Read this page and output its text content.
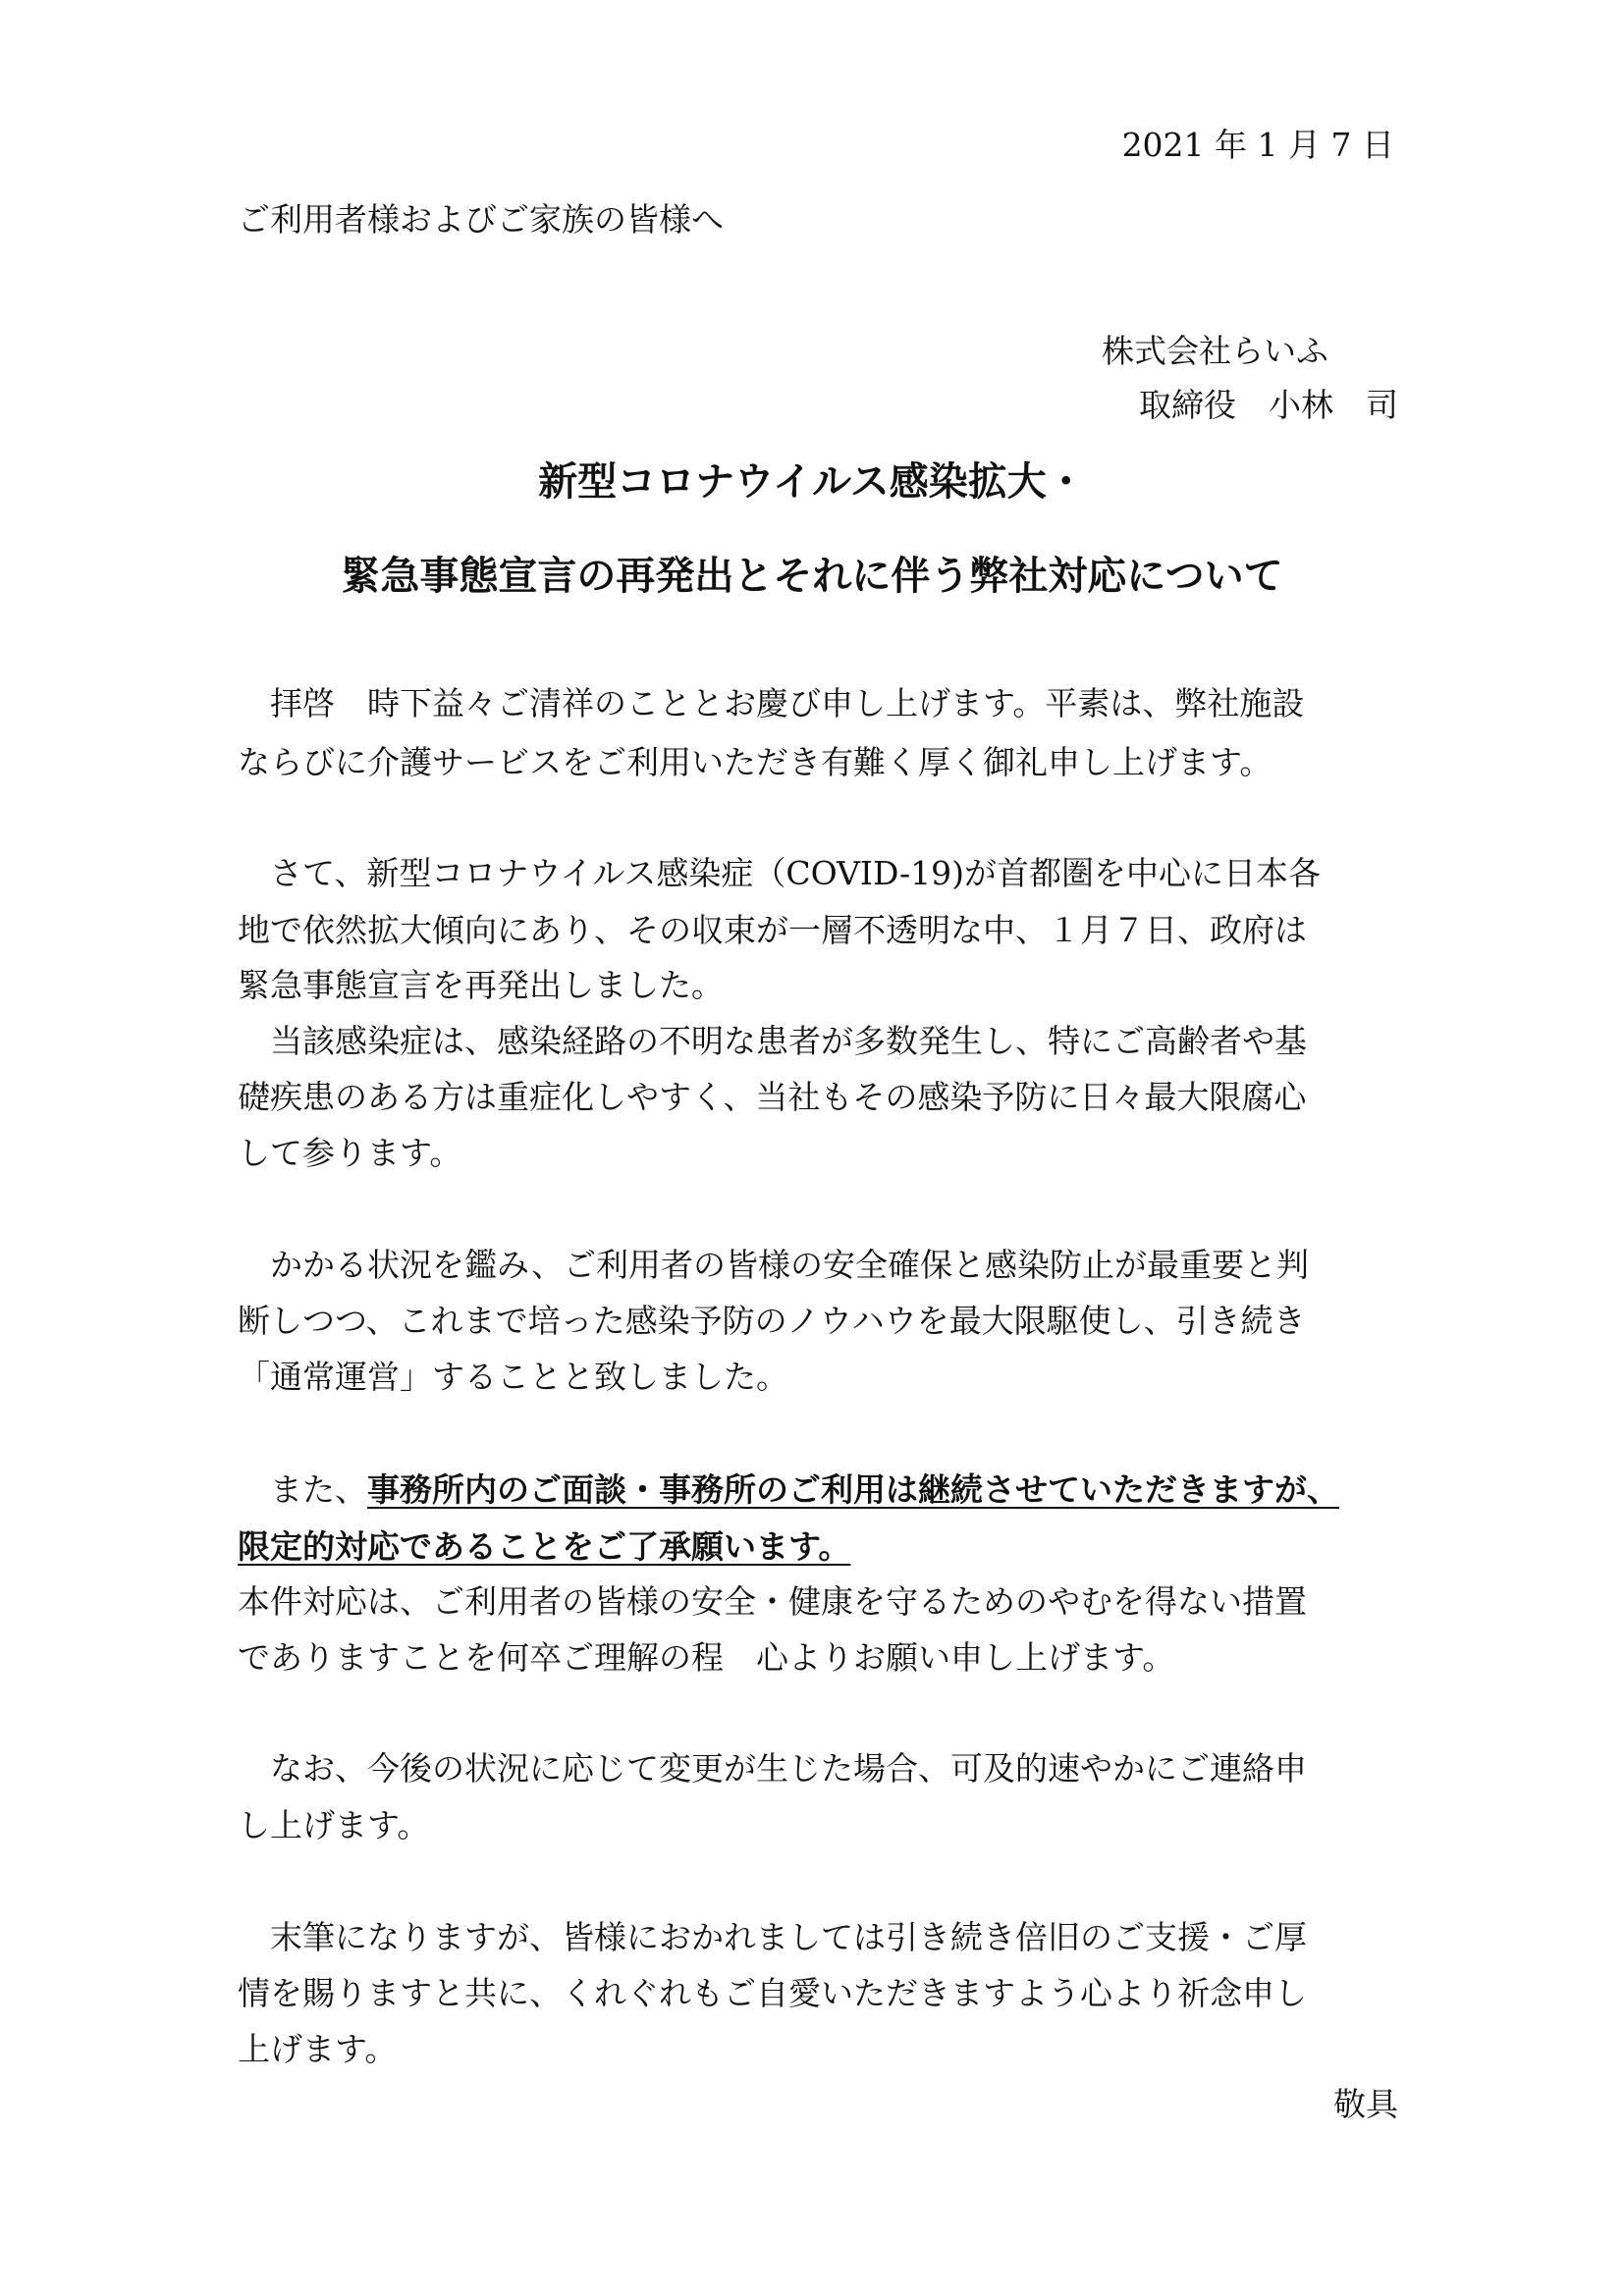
2021 年 1 月 7 日
ご利用者様およびご家族の皆様へ
株式会社らいふ
取締役　小林　司
新型コロナウイルス感染拡大・
緊急事態宣言の再発出とそれに伴う弊社対応について
拝啓　時下益々ご清祥のこととお慶び申し上げます。平素は、弊社施設
ならびに介護サービスをご利用いただき有難く厚く御礼申し上げます。
さて、新型コロナウイルス感染症（COVID-19)が首都圏を中心に日本各
地で依然拡大傾向にあり、その収束が一層不透明な中、１月７日、政府は
緊急事態宣言を再発出しました。
当該感染症は、感染経路の不明な患者が多数発生し、特にご高齢者や基
礎疾患のある方は重症化しやすく、当社もその感染予防に日々最大限腐心
して参ります。
かかる状況を鑑み、ご利用者の皆様の安全確保と感染防止が最重要と判
断しつつ、これまで培った感染予防のノウハウを最大限駆使し、引き続き
「通常運営」することと致しました。
また、事務所内のご面談・事務所のご利用は継続させていただきますが、
限定的対応であることをご了承願います。
本件対応は、ご利用者の皆様の安全・健康を守るためのやむを得ない措置
でありますことを何卒ご理解の程　心よりお願い申し上げます。
なお、今後の状況に応じて変更が生じた場合、可及的速やかにご連絡申
し上げます。
末筆になりますが、皆様におかれましては引き続き倍旧のご支援・ご厚
情を賜りますと共に、くれぐれもご自愛いただきますよう心より祈念申し
上げます。
敬具
